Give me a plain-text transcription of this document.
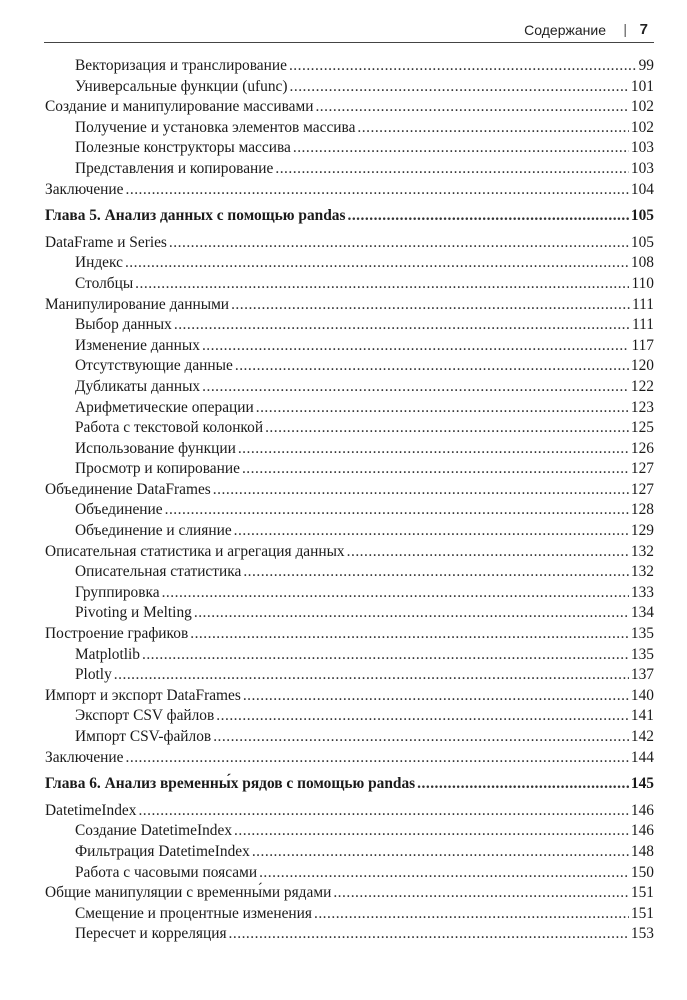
Содержание | 7
Векторизация и транслирование .....	99
Универсальные функции (ufunc) .....	101
Создание и манипулирование массивами .....	102
Получение и установка элементов массива .....	102
Полезные конструкторы массива .....	103
Представления и копирование .....	103
Заключение .....	104
Глава 5. Анализ данных с помощью pandas .....	105
DataFrame и Series .....	105
Индекс .....	108
Столбцы .....	110
Манипулирование данными .....	111
Выбор данных .....	111
Изменение данных .....	117
Отсутствующие данные .....	120
Дубликаты данных .....	122
Арифметические операции .....	123
Работа с текстовой колонкой .....	125
Использование функции .....	126
Просмотр и копирование .....	127
Объединение DataFrames .....	127
Объединение .....	128
Объединение и слияние .....	129
Описательная статистика и агрегация данных .....	132
Описательная статистика .....	132
Группировка .....	133
Pivoting и Melting .....	134
Построение графиков .....	135
Matplotlib .....	135
Plotly .....	137
Импорт и экспорт DataFrames .....	140
Экспорт CSV файлов .....	141
Импорт CSV-файлов .....	142
Заключение .....	144
Глава 6. Анализ временны́х рядов с помощью pandas .....	145
DatetimeIndex .....	146
Создание DatetimeIndex .....	146
Фильтрация DatetimeIndex .....	148
Работа с часовыми поясами .....	150
Общие манипуляции с временны́ми рядами .....	151
Смещение и процентные изменения .....	151
Пересчет и корреляция .....	153
